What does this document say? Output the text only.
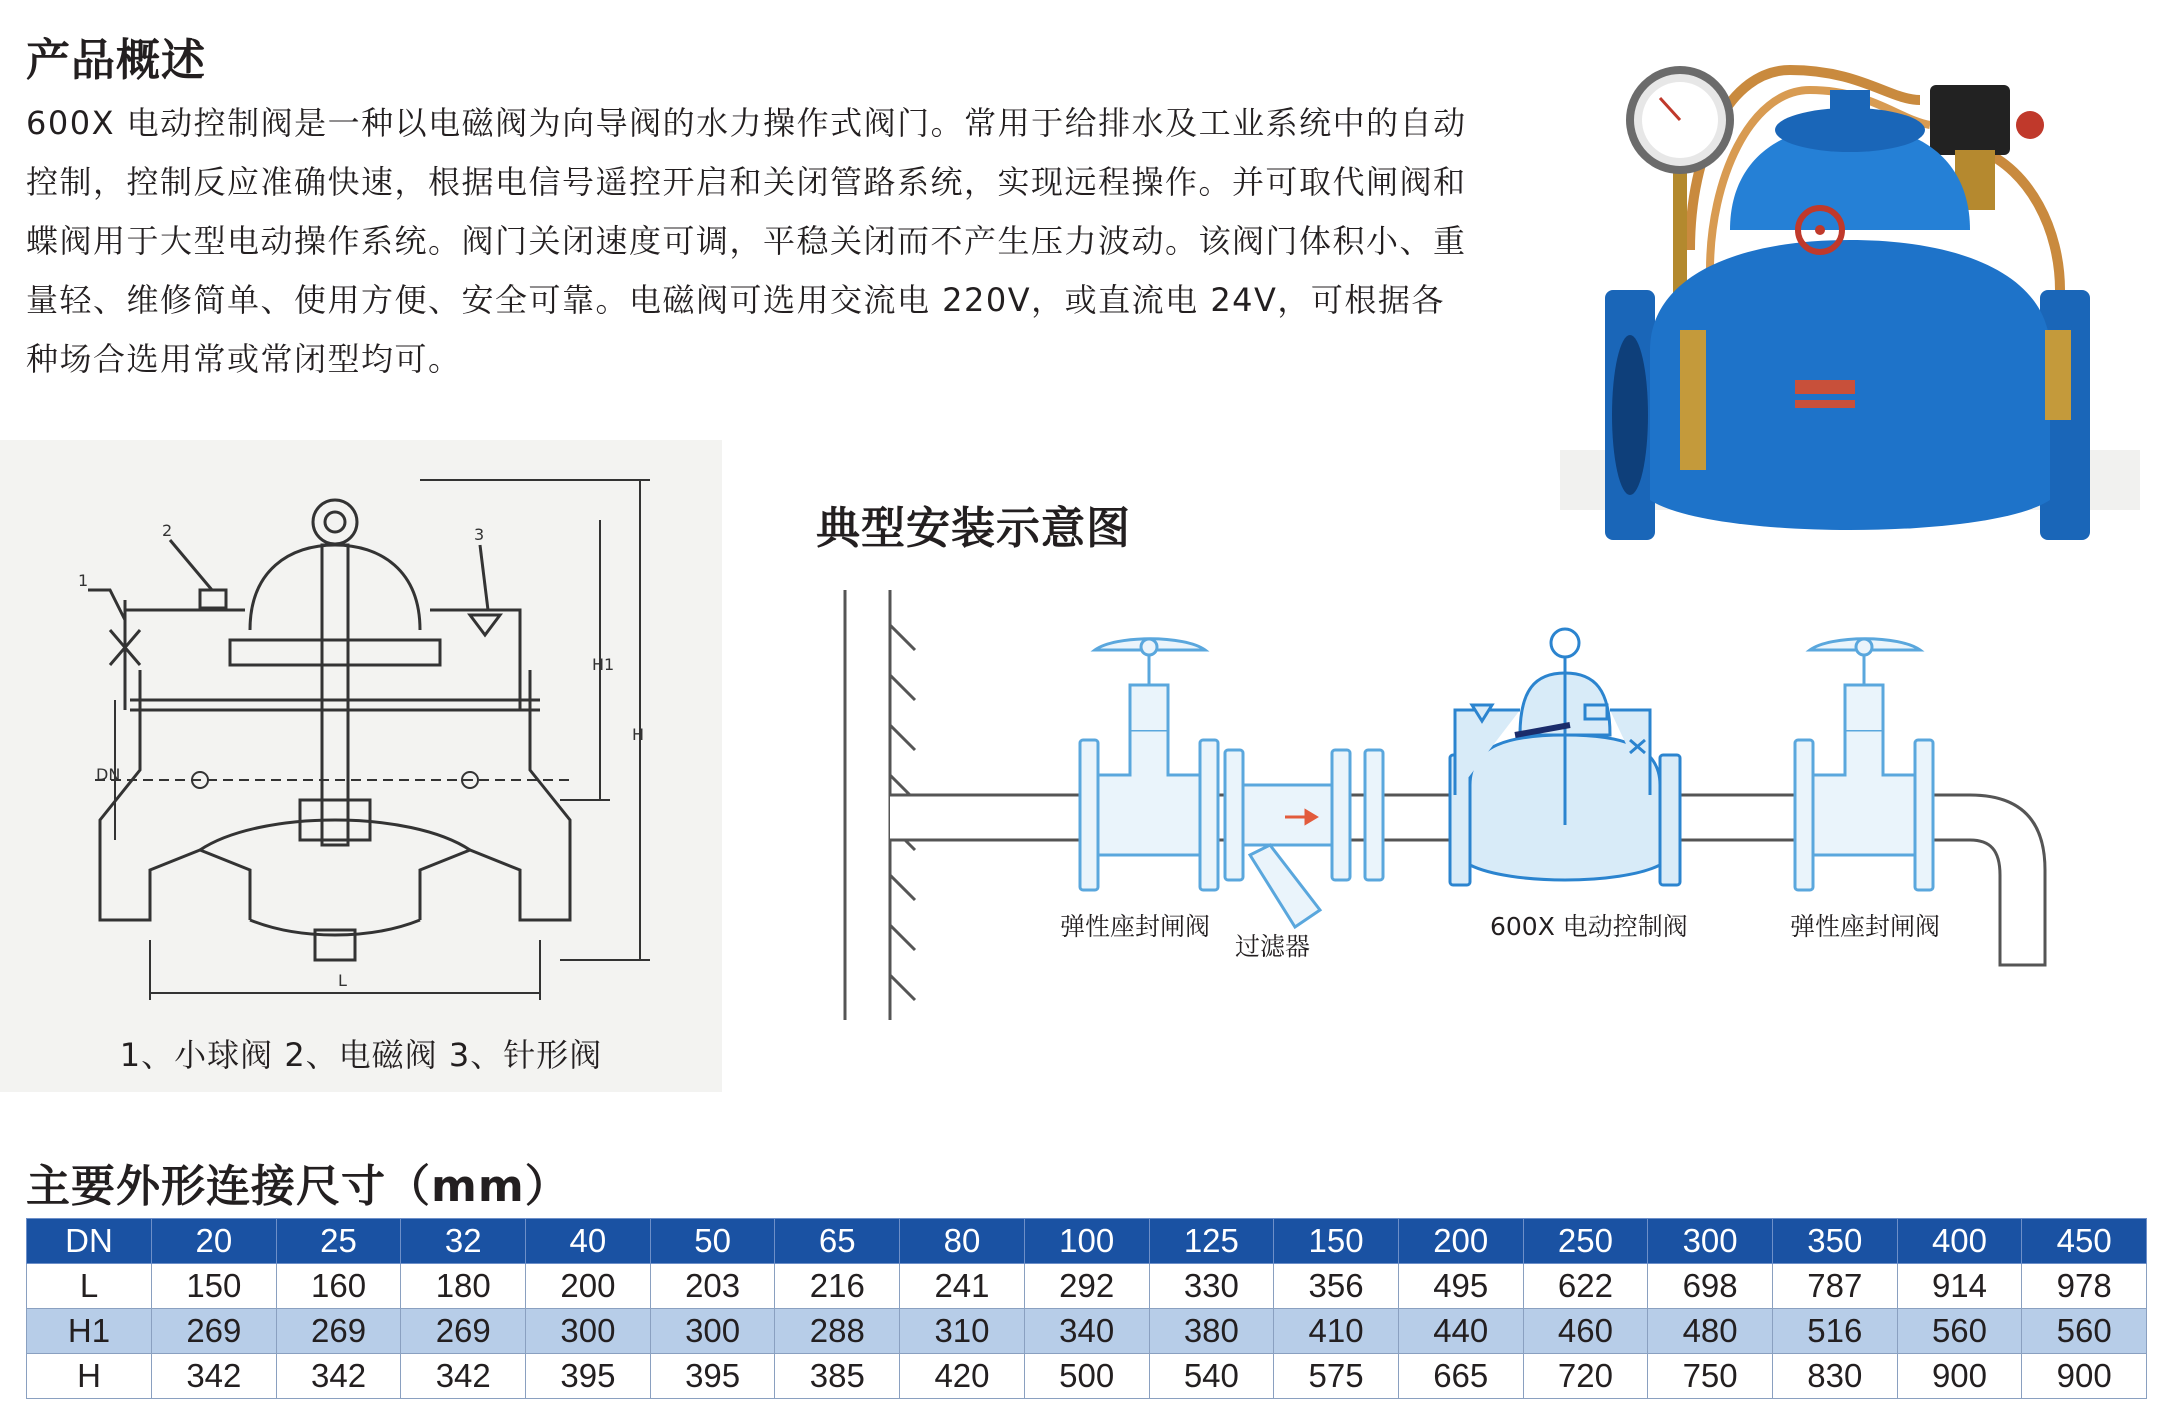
产品概述

600X 电动控制阀是一种以电磁阀为向导阀的水力操作式阀门。常用于给排水及工业系统中的自动控制，控制反应准确快速，根据电信号遥控开启和关闭管路系统，实现远程操作。并可取代闸阀和蝶阀用于大型电动操作系统。阀门关闭速度可调，平稳关闭而不产生压力波动。该阀门体积小、重量轻、维修简单、使用方便、安全可靠。电磁阀可选用交流电 220V，或直流电 24V，可根据各种场合选用常或常闭型均可。

1
2	3
H1
H
DN
L
1、小球阀 2、电磁阀 3、针形阀
典型安装示意图
弹性座封闸阀
过滤器
600X 电动控制阀	弹性座封闸阀
主要外形连接尺寸（mm）
DN	20	25	32	40	50	65	80	100	125	150	200	250	300	350	400	450
L	150	160	180	200	203	216	241	292	330	356	495	622	698	787	914	978
H1	269	269	269	300	300	288	310	340	380	410	440	460	480	516	560	560
H	342	342	342	395	395	385	420	500	540	575	665	720	750	830	900	900
